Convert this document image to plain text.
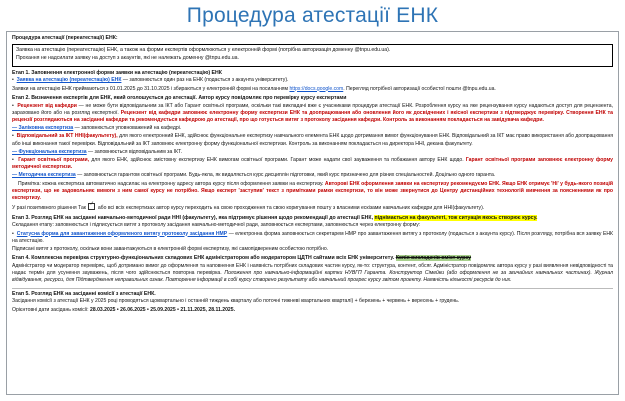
Процедура атестації ЕНК
Процедура атестації (переатестації) ЕНК:

Заявка на атестацію (переатестацію) ЕНК, а також на форми експертів оформлюються у електронній формі (потрібна авторизація доменну @tnpu.edu.ua).

Прохання не надсилати заявку на доступ з акаунтів, які не належать доменну @tnpu.edu.ua.

Етап 1. Заповнення електронної форми заявки на атестацію (переатестацію) ЕНК
• Заявка на атестацію (переатестацію) ЕНК — заповнюється один раз на ЕНК (подається з акаунта університету).
Заявки на атестацію ЕНК приймаються з 01.01.2025 до 31.10.2025 і збираються у електронній формі на посиланням https://docs.google.com. Перегляд потрібної авторизації особистої пошти @tnpu.edu.ua.
Етап 2. Визначення експертів для ЕНК, який оголошується до атестації. Автор курсу повідомляє про перевірку курсу експертами
• Рецензент від кафедри — не може бути відповідальним за ІКТ або Гарант освітньої програми, оскільки такі викладачі вже є учасниками процедури атестації ЕНК. Розроблення курсу на яке рецензування курсу надаються доступ для рецензента, зараховано його або на розгляд експертної. Рецензент від кафедри заповнює електронну форму експертизи ЕНК та доопрацювання або оновлення його як досвідчених і якісної експертизи з підтверджує перевірку. Створення ЕНК та рецензії розглядаються на засіданні кафедри та рекомендується кафедрою до атестації, про що готується витяг з протоколу засідання кафедри. Контроль за виконанням покладається на завідувача кафедри.
— Заліковна експертиза — заповнюється уповноважений на кафедрі.
• Відповідальний за ІКТ ННІ(факультету), для якого електронний ЕНК, здійснює функціональне експертизу навчального елемента ЕНК щодо дотримання вимог функціонування ЕНК. Відповідальний за ІКТ має право використання або доопрацювання або інші виконання такої перевірки. Відповідальний за ІКТ заповнює електронну форму функціональної експертизи. Контроль за виконанням покладається на директора ННІ, декана факультету.
— Функціональна експертиза — заповнюється відповідальним за ІКТ.
• Гарант освітньої програми, для якого ЕНК, здійснює змістовну експертизу ЕНК вимогам освітньої програми. Гарант може надати свої зауваження та побажання автору ЕНК щодо. Гарант освітньої програми заповнює електронну форму методичної експертизи.
— Методична експертиза — заповнюється гарантом освітньої програми. Будь-якла, як видаляється курс дисциплін підготовки, який курс призначено для різних спеціальностей. Доцільно одного гаранта.
Примітка: кожна експертиза автоматично надсилає на електронну адресу автора курсу після оформлення заявки на експертизу. Авторові ЕНК оформлення заявки на експертизу рекомендуємо ЕНК. Якщо ЕНК отримує 'Ні' у будь-якого позицій експертизи, що не задовольняє вимоги з ним самої курсу не потрібно. Якщо експерт 'заступив' текст з примітками рамки експертизи, то він може звернутися до Центру дистанційних технологій вивчення за поясненнями як про експертизу.
У разі позитивного рішення Так ✓ або всі всіх експертизах автор курсу переходить на свою проходження та свою коригування пошту з власними ескізами навчальних кафедри для ННІ(факультету).
Етап 3. Розгляд ЕНК на засіданні навчально-методичної ради ННІ (факультету), яка підтримує рішення щодо рекомендації до атестації ЕНК, піднімається на факультеті, тож ситуація якось створює курсу.
Складання етапу: заповнюється і підписується витяг з протоколу засідання навчально-методичної ради, заповнюється експертами, заповнюється через електронну форму:
• Статусна форма для завантаження оформленого витягу протоколу засідання НМР — електронна форма заповнюється секретарем НМР про завантаження витягу з протоколу (подається з акаунта курсу). Після розгляду, потрібна вся заявку ЕНК на атестацію.
Підписані витяг з протоколу, оскільки вони завантажуються в електронній формі експертизу, які самопідвереним особистою потрібно.
Етап 4. Комплексна перевірка структурно-функціональних складових ЕНК адміністратором або модератором ЦДТН сайтами всіх ЕНК університету. Копія викладачів вміст курсу
Адміністратор чи модератор перевіряє, щоб дотримано вимог до оформлення та наповнення ЕНК і наявність потрібних складових частин курсу, як-то: структура, контент, обсяг. Адміністратор повідомляє автора курсу у разі виявлення невідповідності та надає термін для усунення зауважень, після чого здійснюється повторна перевірка. Положення про навчально-інформаційні картки НУВГП Гаранта. Конструктор Сімейки (або оформлення не за звичайних навчальних частинах). Журнал відвідування, ресурси, для Підтвердження неправильних ознак. Повторення інформації в собі курсу створено результату або навчальний прогрес курсу звітом проекту. Наявність кількості ресурсів до них.
Етап 5. Розгляд ЕНК на засіданні комісії з атестації ЕНК.
Засідання комісії з атестації ЕНК у 2025 році проводяться щоквартально і останній тиждень кварталу або поточні тижневі квартальних кварталі) + березень + червень + вересень + грудень.
Орієнтовні дати засідань комісії: 28.03.2025 • 26.06.2025 • 25.09.2025 • 21.11.2025, 28.11.2025.
